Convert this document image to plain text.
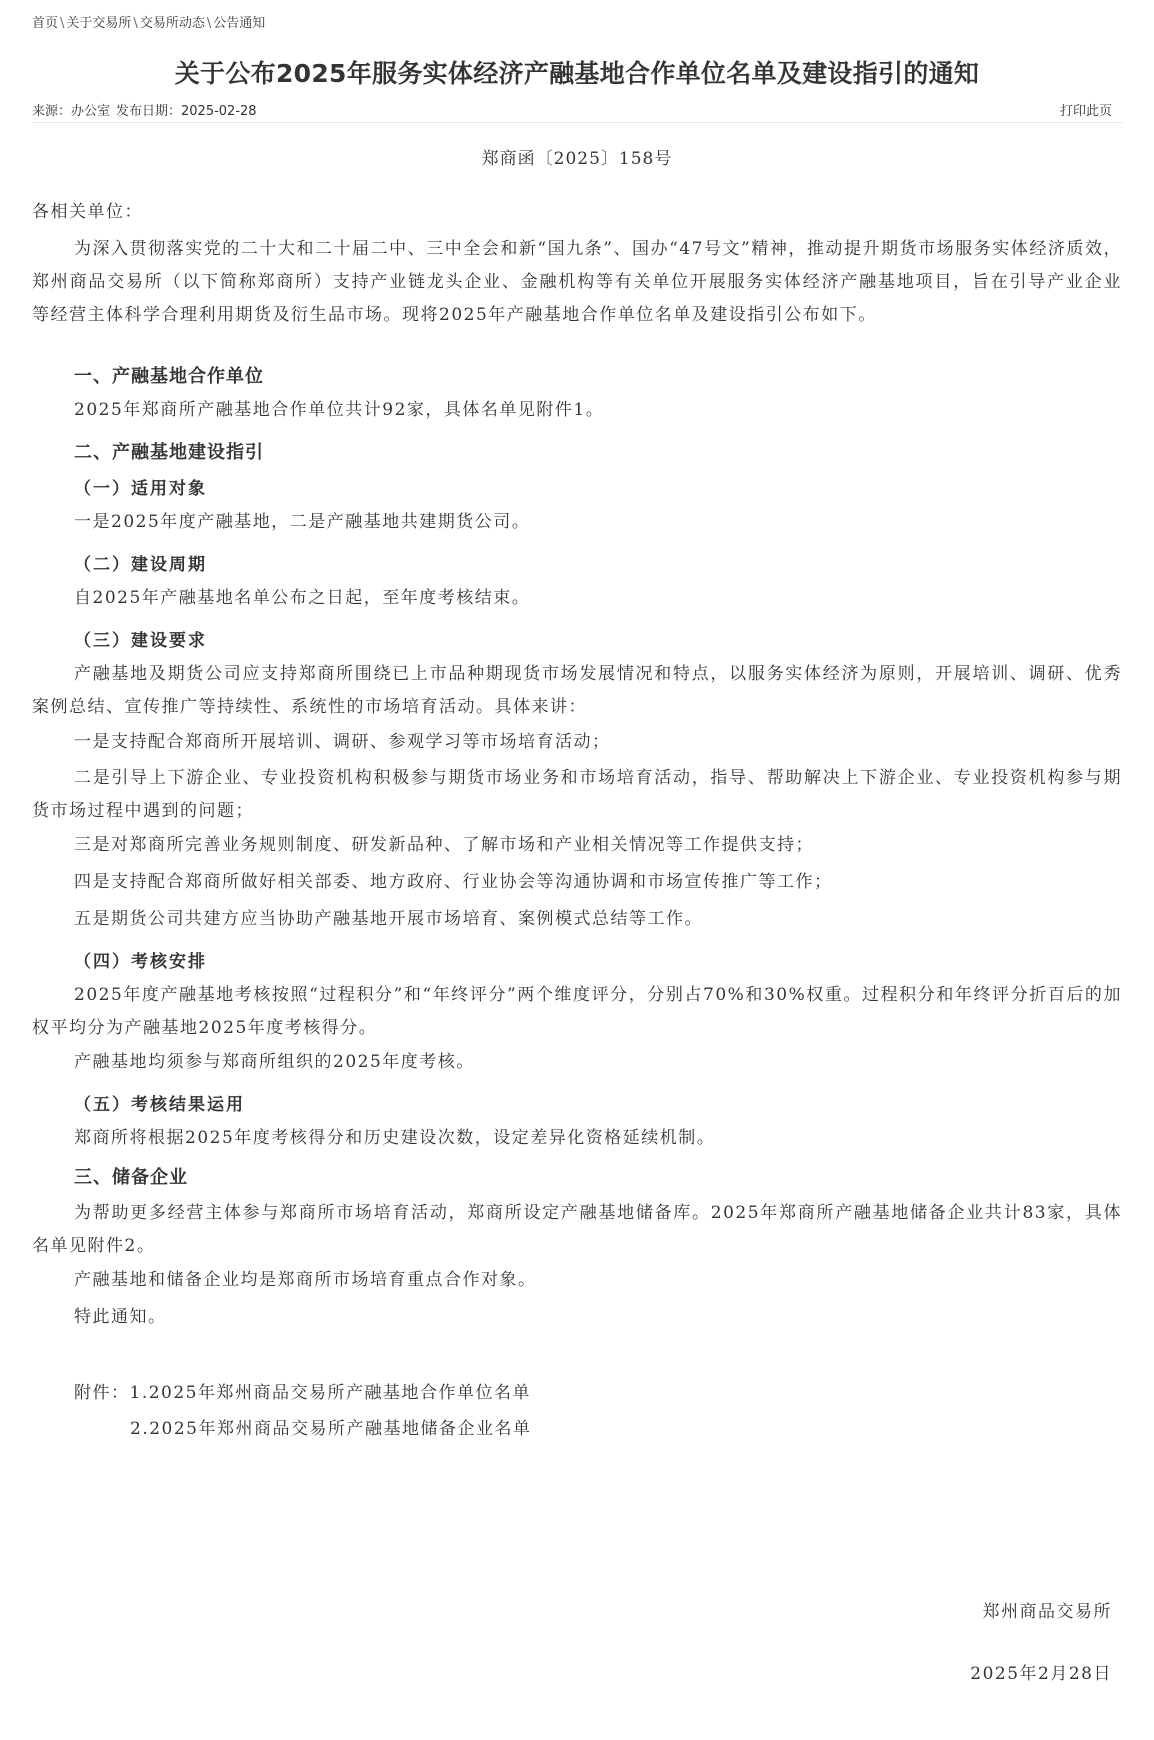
首页 \ 关于交易所 \ 交易所动态 \ 公告通知
关于公布2025年服务实体经济产融基地合作单位名单及建设指引的通知
来源：办公室 发布日期：2025-02-28	打印此页
郑商函〔2025〕158号
各相关单位：
为深入贯彻落实党的二十大和二十届二中、三中全会和新“国九条”、国办“47号文”精神，推动提升期货市场服务实体经济质效，郑州商品交易所（以下简称郑商所）支持产业链龙头企业、金融机构等有关单位开展服务实体经济产融基地项目，旨在引导产业企业等经营主体科学合理利用期货及衍生品市场。现将2025年产融基地合作单位名单及建设指引公布如下。
一、产融基地合作单位
2025年郑商所产融基地合作单位共计92家，具体名单见附件1。
二、产融基地建设指引
（一）适用对象
一是2025年度产融基地，二是产融基地共建期货公司。
（二）建设周期
自2025年产融基地名单公布之日起，至年度考核结束。
（三）建设要求
产融基地及期货公司应支持郑商所围绕已上市品种期现货市场发展情况和特点，以服务实体经济为原则，开展培训、调研、优秀案例总结、宣传推广等持续性、系统性的市场培育活动。具体来讲：
一是支持配合郑商所开展培训、调研、参观学习等市场培育活动；
二是引导上下游企业、专业投资机构积极参与期货市场业务和市场培育活动，指导、帮助解决上下游企业、专业投资机构参与期货市场过程中遇到的问题；
三是对郑商所完善业务规则制度、研发新品种、了解市场和产业相关情况等工作提供支持；
四是支持配合郑商所做好相关部委、地方政府、行业协会等沟通协调和市场宣传推广等工作；
五是期货公司共建方应当协助产融基地开展市场培育、案例模式总结等工作。
（四）考核安排
2025年度产融基地考核按照“过程积分”和“年终评分”两个维度评分，分别占70%和30%权重。过程积分和年终评分折百后的加权平均分为产融基地2025年度考核得分。
产融基地均须参与郑商所组织的2025年度考核。
（五）考核结果运用
郑商所将根据2025年度考核得分和历史建设次数，设定差异化资格延续机制。
三、储备企业
为帮助更多经营主体参与郑商所市场培育活动，郑商所设定产融基地储备库。2025年郑商所产融基地储备企业共计83家，具体名单见附件2。
产融基地和储备企业均是郑商所市场培育重点合作对象。
特此通知。
附件：1.2025年郑州商品交易所产融基地合作单位名单
2.2025年郑州商品交易所产融基地储备企业名单
郑州商品交易所
2025年2月28日
